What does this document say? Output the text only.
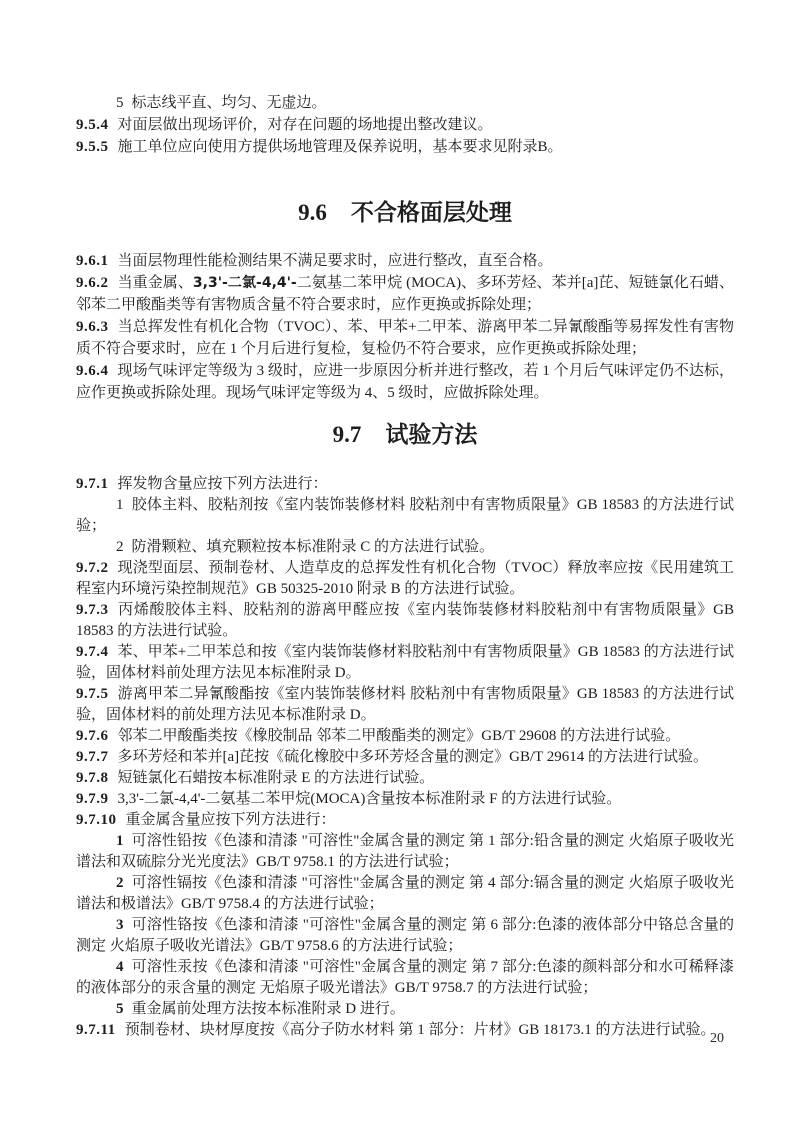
5 标志线平直、均匀、无虚边。

9.5.4 对面层做出现场评价，对存在问题的场地提出整改建议。

9.5.5 施工单位应向使用方提供场地管理及保养说明，基本要求见附录B。

9.6 不合格面层处理

9.6.1 当面层物理性能检测结果不满足要求时，应进行整改，直至合格。

9.6.2 当重金属、3,3'-二氯-4,4'-二氨基二苯甲烷 (MOCA)、多环芳烃、苯并[a]芘、短链氯化石蜡、邻苯二甲酸酯类等有害物质含量不符合要求时，应作更换或拆除处理；

9.6.3 当总挥发性有机化合物（TVOC）、苯、甲苯+二甲苯、游离甲苯二异氰酸酯等易挥发性有害物质不符合要求时，应在 1 个月后进行复检，复检仍不符合要求，应作更换或拆除处理；

9.6.4 现场气味评定等级为 3 级时，应进一步原因分析并进行整改，若 1 个月后气味评定仍不达标，应作更换或拆除处理。现场气味评定等级为 4、5 级时，应做拆除处理。

9.7 试验方法

9.7.1 挥发物含量应按下列方法进行：

1 胶体主料、胶粘剂按《室内装饰装修材料 胶粘剂中有害物质限量》GB 18583 的方法进行试验；

2 防滑颗粒、填充颗粒按本标准附录 C 的方法进行试验。

9.7.2 现浇型面层、预制卷材、人造草皮的总挥发性有机化合物（TVOC）释放率应按《民用建筑工程室内环境污染控制规范》GB 50325-2010 附录 B 的方法进行试验。

9.7.3 丙烯酸胶体主料、胶粘剂的游离甲醛应按《室内装饰装修材料胶粘剂中有害物质限量》GB 18583 的方法进行试验。

9.7.4 苯、甲苯+二甲苯总和按《室内装饰装修材料胶粘剂中有害物质限量》GB 18583 的方法进行试验，固体材料前处理方法见本标准附录 D。

9.7.5 游离甲苯二异氰酸酯按《室内装饰装修材料 胶粘剂中有害物质限量》GB 18583 的方法进行试验，固体材料的前处理方法见本标准附录 D。

9.7.6 邻苯二甲酸酯类按《橡胶制品 邻苯二甲酸酯类的测定》GB/T 29608 的方法进行试验。

9.7.7 多环芳烃和苯并[a]芘按《硫化橡胶中多环芳烃含量的测定》GB/T 29614 的方法进行试验。

9.7.8 短链氯化石蜡按本标准附录 E 的方法进行试验。

9.7.9 3,3'-二氯-4,4'-二氨基二苯甲烷(MOCA)含量按本标准附录 F 的方法进行试验。

9.7.10 重金属含量应按下列方法进行：

1 可溶性铅按《色漆和清漆 "可溶性"金属含量的测定 第 1 部分:铅含量的测定 火焰原子吸收光谱法和双硫腙分光光度法》GB/T 9758.1 的方法进行试验；

2 可溶性镉按《色漆和清漆 "可溶性"金属含量的测定 第 4 部分:镉含量的测定 火焰原子吸收光谱法和极谱法》GB/T 9758.4 的方法进行试验；

3 可溶性铬按《色漆和清漆 "可溶性"金属含量的测定 第 6 部分:色漆的液体部分中铬总含量的测定 火焰原子吸收光谱法》GB/T 9758.6 的方法进行试验；

4 可溶性汞按《色漆和清漆 "可溶性"金属含量的测定 第 7 部分:色漆的颜料部分和水可稀释漆的液体部分的汞含量的测定 无焰原子吸光谱法》GB/T 9758.7 的方法进行试验；

5 重金属前处理方法按本标准附录 D 进行。

9.7.11 预制卷材、块材厚度按《高分子防水材料 第 1 部分：片材》GB 18173.1 的方法进行试验。

20
